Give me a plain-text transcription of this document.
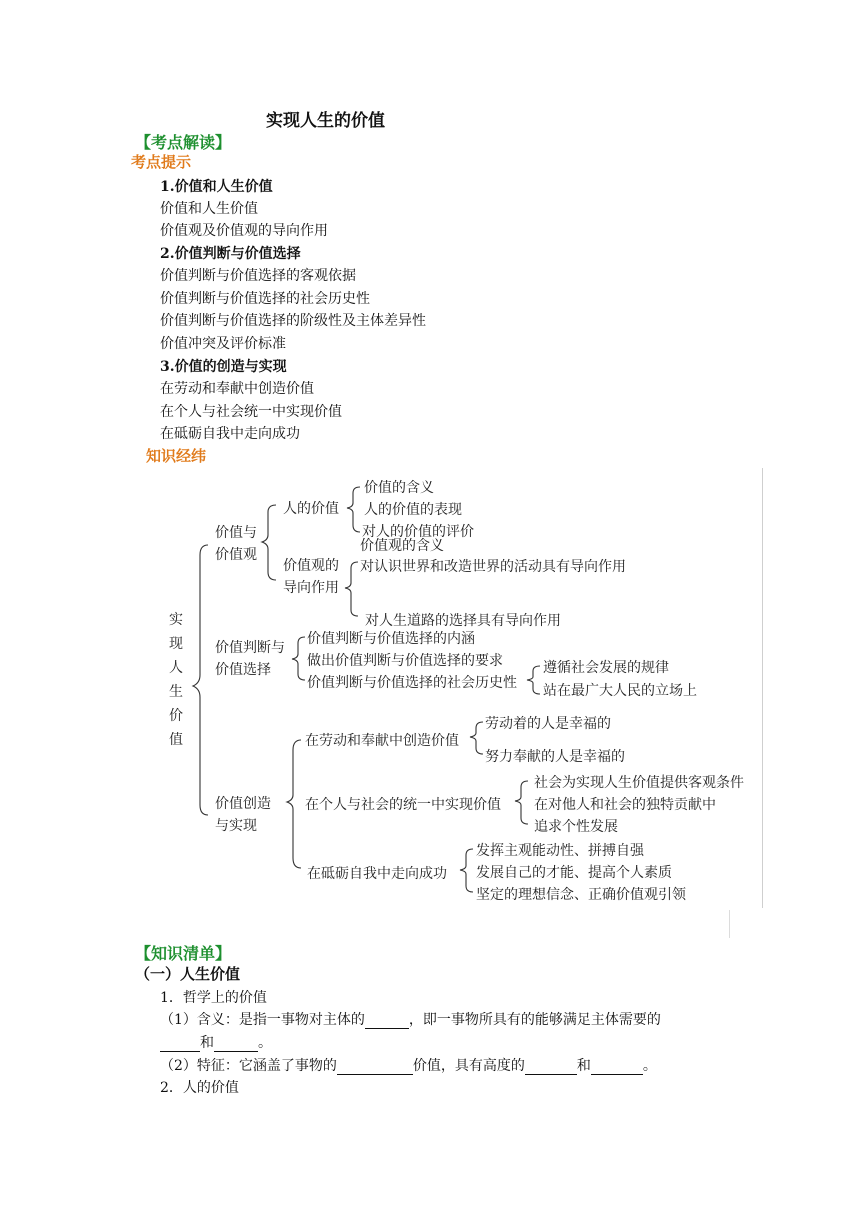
实现人生的价值
【考点解读】
考点提示
1.价值和人生价值
价值和人生价值
价值观及价值观的导向作用
2.价值判断与价值选择
价值判断与价值选择的客观依据
价值判断与价值选择的社会历史性
价值判断与价值选择的阶级性及主体差异性
价值冲突及评价标准
3.价值的创造与实现
在劳动和奉献中创造价值
在个人与社会统一中实现价值
在砥砺自我中走向成功
知识经纬
实现人生价值
价值与
价值观
人的价值
价值的含义
人的价值的表现
对人的价值的评价
价值观的
导向作用
价值观的含义
对认识世界和改造世界的活动具有导向作用
对人生道路的选择具有导向作用
价值判断与
价值选择
价值判断与价值选择的内涵
做出价值判断与价值选择的要求
价值判断与价值选择的社会历史性
遵循社会发展的规律
站在最广大人民的立场上
价值创造
与实现
在劳动和奉献中创造价值
劳动着的人是幸福的
努力奉献的人是幸福的
在个人与社会的统一中实现价值
社会为实现人生价值提供客观条件
在对他人和社会的独特贡献中
追求个性发展
在砥砺自我中走向成功
发挥主观能动性、拼搏自强
发展自己的才能、提高个人素质
坚定的理想信念、正确价值观引领
【知识清单】
（一）人生价值
1．哲学上的价值
（1）含义：是指一事物对主体的	，即一事物所具有的能够满足主体需要的
和	。
（2）特征：它涵盖了事物的	价值，具有高度的	和	。
2．人的价值
